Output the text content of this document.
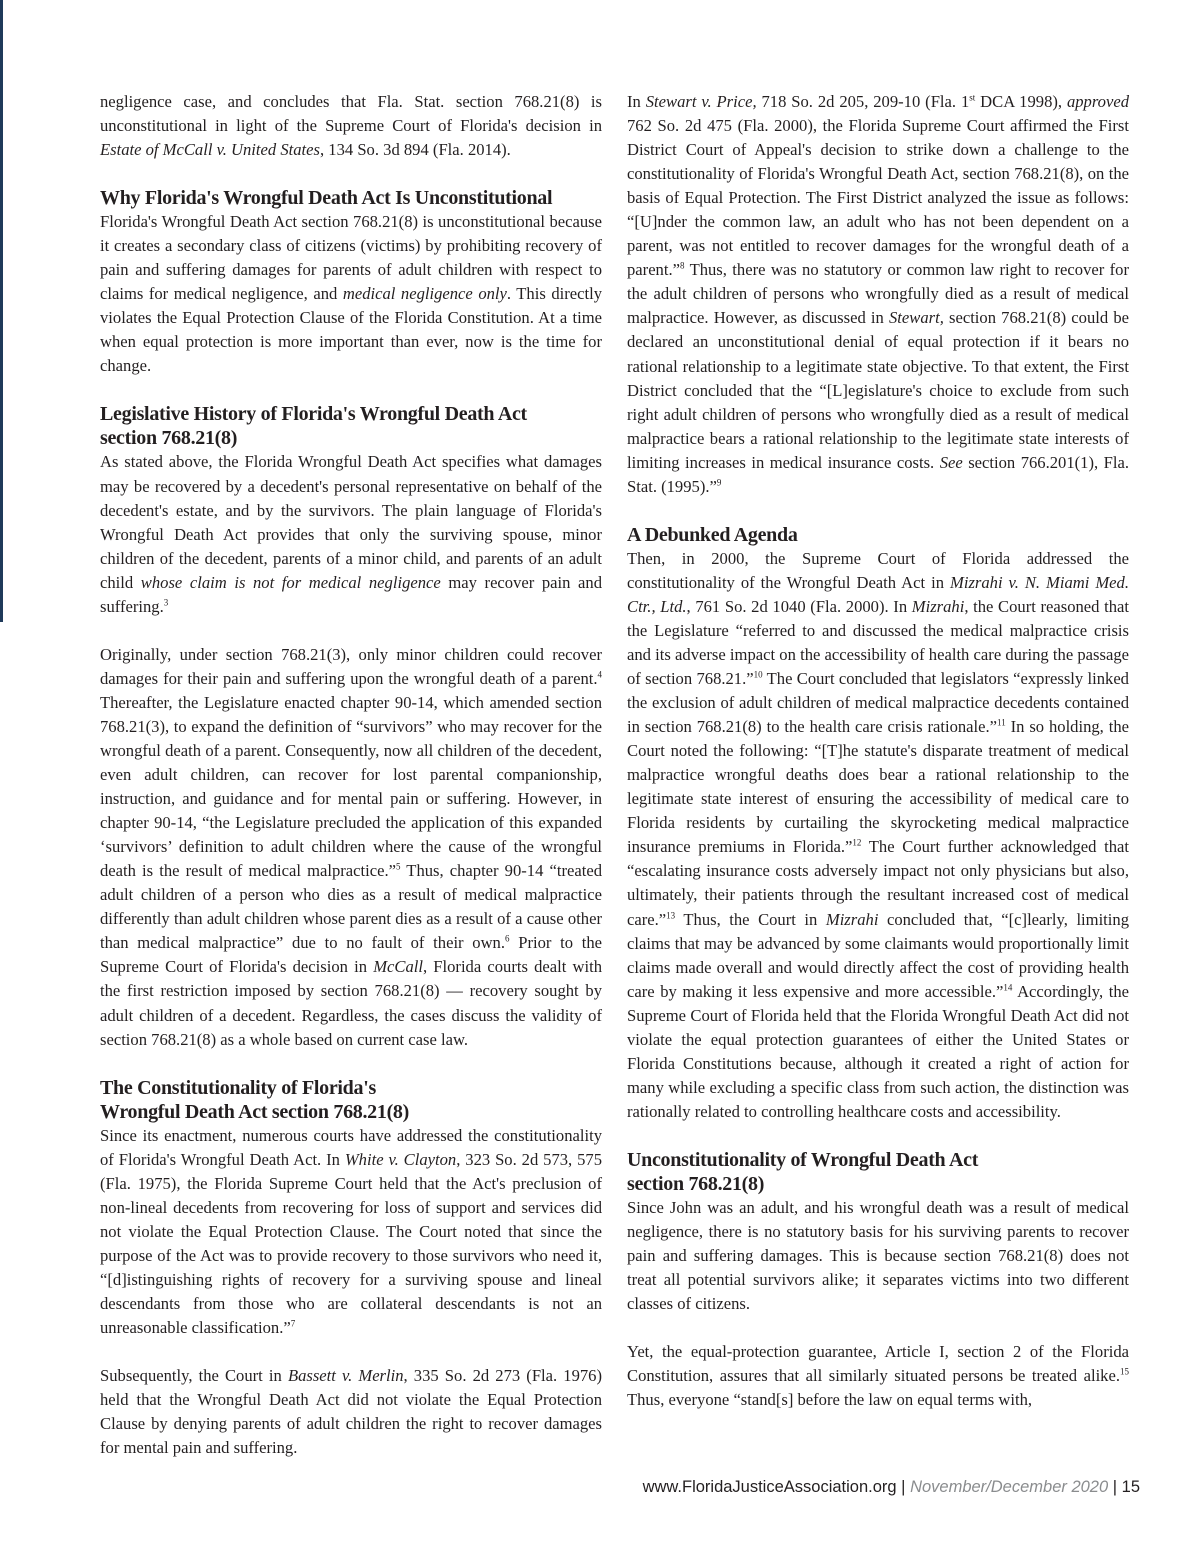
negligence case, and concludes that Fla. Stat. section 768.21(8) is unconstitutional in light of the Supreme Court of Florida's decision in Estate of McCall v. United States, 134 So. 3d 894 (Fla. 2014).

Why Florida's Wrongful Death Act Is Unconstitutional

Florida's Wrongful Death Act section 768.21(8) is unconstitutional because it creates a secondary class of citizens (victims) by prohibiting recovery of pain and suffering damages for parents of adult children with respect to claims for medical negligence, and medical negligence only. This directly violates the Equal Protection Clause of the Florida Constitution. At a time when equal protection is more important than ever, now is the time for change.

Legislative History of Florida's Wrongful Death Act
section 768.21(8)

As stated above, the Florida Wrongful Death Act specifies what damages may be recovered by a decedent's personal representative on behalf of the decedent's estate, and by the survivors. The plain language of Florida's Wrongful Death Act provides that only the surviving spouse, minor children of the decedent, parents of a minor child, and parents of an adult child whose claim is not for medical negligence may recover pain and suffering.$^3$

Originally, under section 768.21(3), only minor children could recover damages for their pain and suffering upon the wrongful death of a parent.$^4$ Thereafter, the Legislature enacted chapter 90-14, which amended section 768.21(3), to expand the definition of “survivors” who may recover for the wrongful death of a parent. Consequently, now all children of the decedent, even adult children, can recover for lost parental companionship, instruction, and guidance and for mental pain or suffering. However, in chapter 90-14, “the Legislature precluded the application of this expanded ‘survivors’ definition to adult children where the cause of the wrongful death is the result of medical malpractice.”$^5$ Thus, chapter 90-14 “treated adult children of a person who dies as a result of medical malpractice differently than adult children whose parent dies as a result of a cause other than medical malpractice” due to no fault of their own.$^6$ Prior to the Supreme Court of Florida's decision in McCall, Florida courts dealt with the first restriction imposed by section 768.21(8) — recovery sought by adult children of a decedent. Regardless, the cases discuss the validity of section 768.21(8) as a whole based on current case law.

The Constitutionality of Florida's
Wrongful Death Act section 768.21(8)

Since its enactment, numerous courts have addressed the constitutionality of Florida's Wrongful Death Act. In White v. Clayton, 323 So. 2d 573, 575 (Fla. 1975), the Florida Supreme Court held that the Act's preclusion of non-lineal decedents from recovering for loss of support and services did not violate the Equal Protection Clause. The Court noted that since the purpose of the Act was to provide recovery to those survivors who need it, “[d]istinguishing rights of recovery for a surviving spouse and lineal descendants from those who are collateral descendants is not an unreasonable classification.”$^7$

Subsequently, the Court in Bassett v. Merlin, 335 So. 2d 273 (Fla. 1976) held that the Wrongful Death Act did not violate the Equal Protection Clause by denying parents of adult children the right to recover damages for mental pain and suffering.

In Stewart v. Price, 718 So. 2d 205, 209-10 (Fla. 1st DCA 1998), approved 762 So. 2d 475 (Fla. 2000), the Florida Supreme Court affirmed the First District Court of Appeal's decision to strike down a challenge to the constitutionality of Florida's Wrongful Death Act, section 768.21(8), on the basis of Equal Protection. The First District analyzed the issue as follows: “[U]nder the common law, an adult who has not been dependent on a parent, was not entitled to recover damages for the wrongful death of a parent.”$^8$ Thus, there was no statutory or common law right to recover for the adult children of persons who wrongfully died as a result of medical malpractice. However, as discussed in Stewart, section 768.21(8) could be declared an unconstitutional denial of equal protection if it bears no rational relationship to a legitimate state objective. To that extent, the First District concluded that the “[L]egislature's choice to exclude from such right adult children of persons who wrongfully died as a result of medical malpractice bears a rational relationship to the legitimate state interests of limiting increases in medical insurance costs. See section 766.201(1), Fla. Stat. (1995).”$^9$

A Debunked Agenda

Then, in 2000, the Supreme Court of Florida addressed the constitutionality of the Wrongful Death Act in Mizrahi v. N. Miami Med. Ctr., Ltd., 761 So. 2d 1040 (Fla. 2000). In Mizrahi, the Court reasoned that the Legislature “referred to and discussed the medical malpractice crisis and its adverse impact on the accessibility of health care during the passage of section 768.21.”$^{10}$ The Court concluded that legislators “expressly linked the exclusion of adult children of medical malpractice decedents contained in section 768.21(8) to the health care crisis rationale.”$^{11}$ In so holding, the Court noted the following: “[T]he statute's disparate treatment of medical malpractice wrongful deaths does bear a rational relationship to the legitimate state interest of ensuring the accessibility of medical care to Florida residents by curtailing the skyrocketing medical malpractice insurance premiums in Florida.”$^{12}$ The Court further acknowledged that “escalating insurance costs adversely impact not only physicians but also, ultimately, their patients through the resultant increased cost of medical care.”$^{13}$ Thus, the Court in Mizrahi concluded that, “[c]learly, limiting claims that may be advanced by some claimants would proportionally limit claims made overall and would directly affect the cost of providing health care by making it less expensive and more accessible.”$^{14}$ Accordingly, the Supreme Court of Florida held that the Florida Wrongful Death Act did not violate the equal protection guarantees of either the United States or Florida Constitutions because, although it created a right of action for many while excluding a specific class from such action, the distinction was rationally related to controlling healthcare costs and accessibility.

Unconstitutionality of Wrongful Death Act
section 768.21(8)

Since John was an adult, and his wrongful death was a result of medical negligence, there is no statutory basis for his surviving parents to recover pain and suffering damages. This is because section 768.21(8) does not treat all potential survivors alike; it separates victims into two different classes of citizens.

Yet, the equal-protection guarantee, Article I, section 2 of the Florida Constitution, assures that all similarly situated persons be treated alike.$^{15}$ Thus, everyone “stand[s] before the law on equal terms with,

www.FloridaJusticeAssociation.org | November/December 2020 | 15
